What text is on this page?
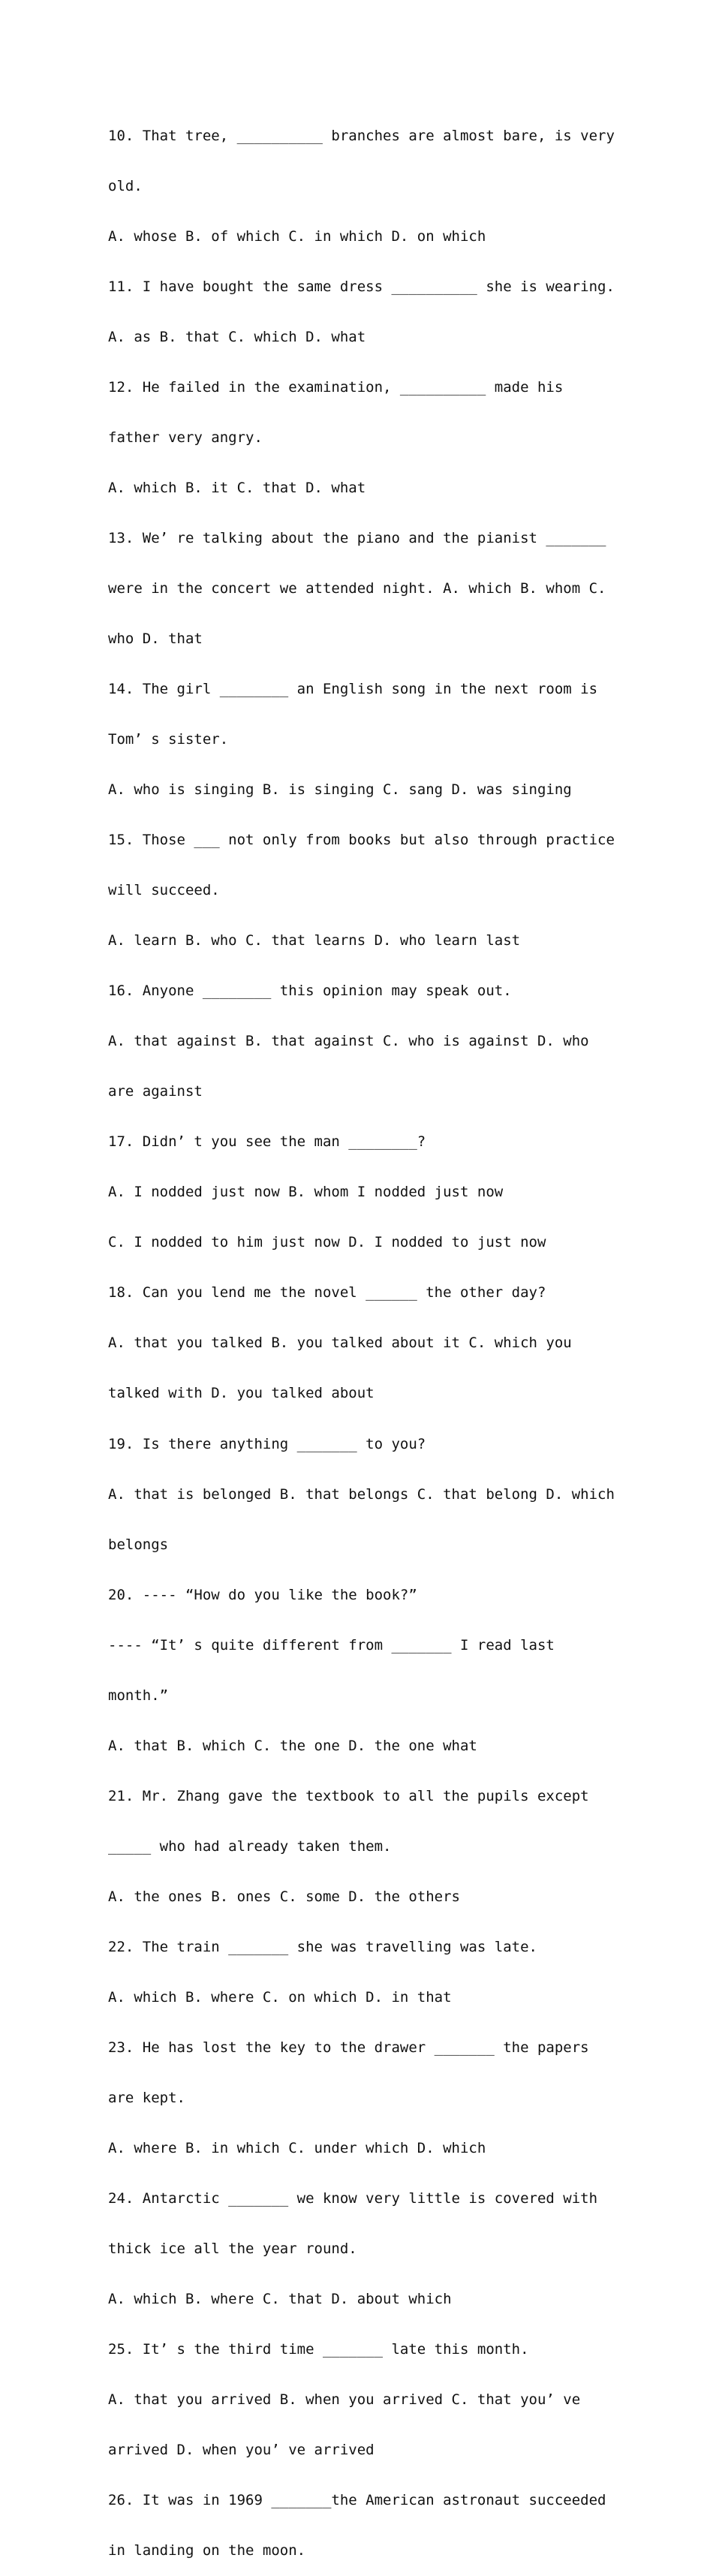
10. That tree, __________ branches are almost bare, is very

old.

A. whose B. of which C. in which D. on which

11. I have bought the same dress __________ she is wearing.

A. as B. that C. which D. what

12. He failed in the examination, __________ made his

father very angry.

A. which B. it C. that D. what

13. We’ re talking about the piano and the pianist _______

were in the concert we attended night. A. which B. whom C.

who D. that

14. The girl ________ an English song in the next room is

Tom’ s sister.

A. who is singing B. is singing C. sang D. was singing

15. Those ___ not only from books but also through practice

will succeed.

A. learn B. who C. that learns D. who learn last

16. Anyone ________ this opinion may speak out.

A. that against B. that against C. who is against D. who

are against

17. Didn’ t you see the man ________?

A. I nodded just now B. whom I nodded just now

C. I nodded to him just now D. I nodded to just now

18. Can you lend me the novel ______ the other day?

A. that you talked B. you talked about it C. which you

talked with D. you talked about

19. Is there anything _______ to you?

A. that is belonged B. that belongs C. that belong D. which

belongs

20. ---- “How do you like the book?”

---- “It’ s quite different from _______ I read last

month.”

A. that B. which C. the one D. the one what

21. Mr. Zhang gave the textbook to all the pupils except

_____ who had already taken them.

A. the ones B. ones C. some D. the others

22. The train _______ she was travelling was late.

A. which B. where C. on which D. in that

23. He has lost the key to the drawer _______ the papers

are kept.

A. where B. in which C. under which D. which

24. Antarctic _______ we know very little is covered with

thick ice all the year round.

A. which B. where C. that D. about which

25. It’ s the third time _______ late this month.

A. that you arrived B. when you arrived C. that you’ ve

arrived D. when you’ ve arrived

26. It was in 1969 _______the American astronaut succeeded

in landing on the moon.
